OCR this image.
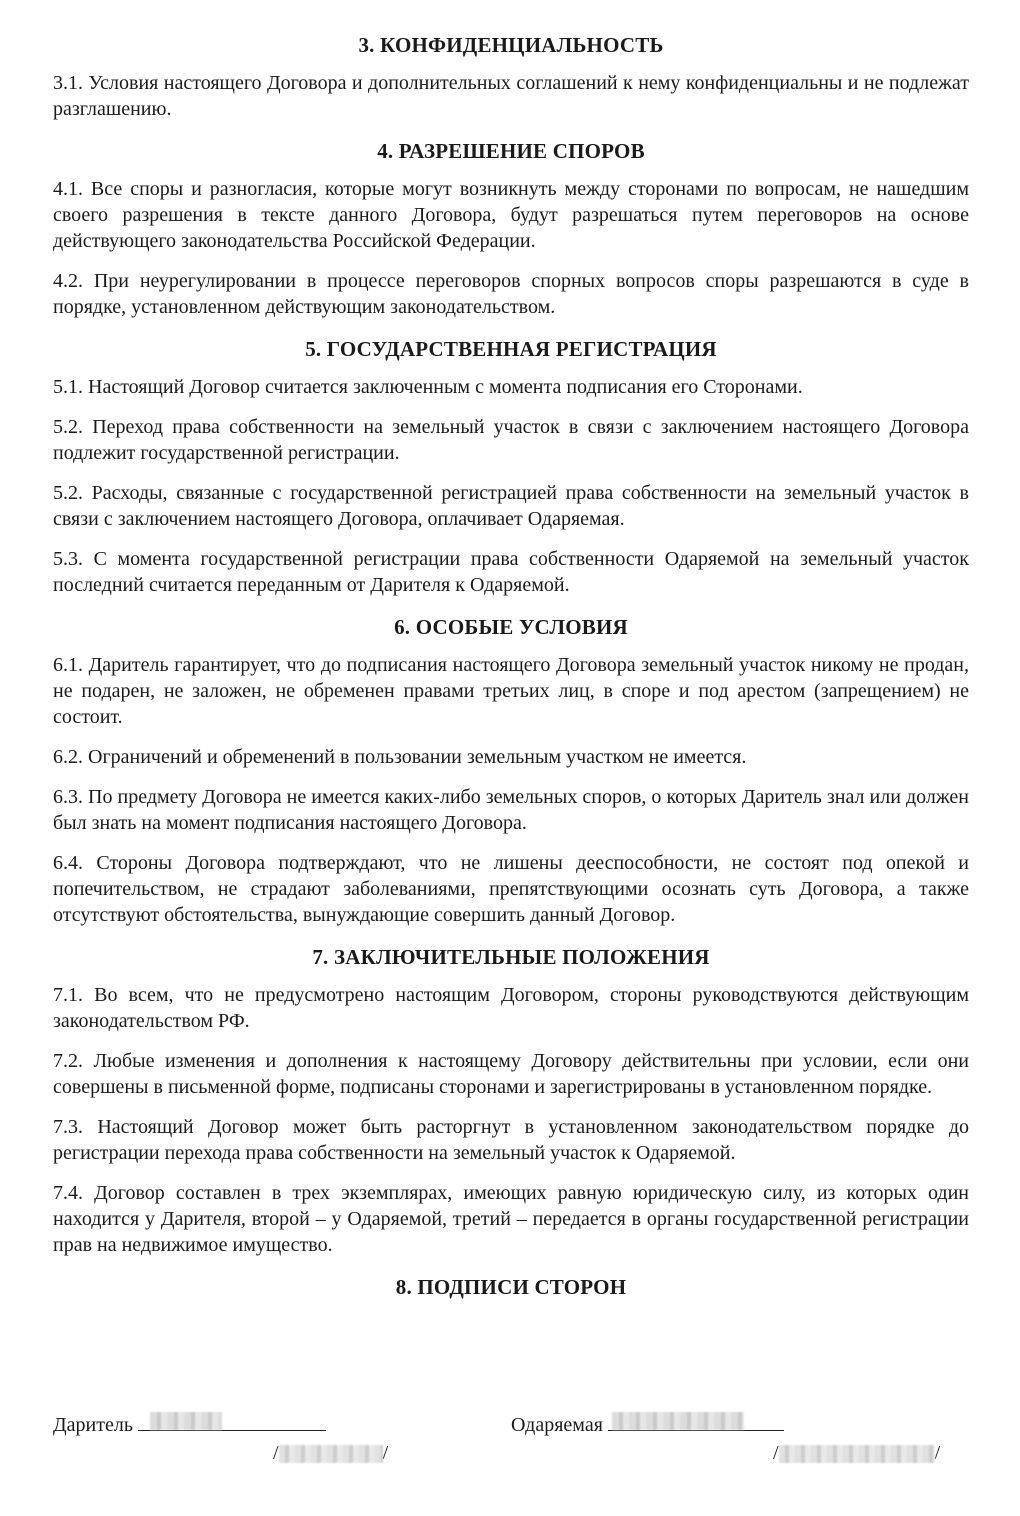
3. КОНФИДЕНЦИАЛЬНОСТЬ

3.1. Условия настоящего Договора и дополнительных соглашений к нему конфиденциальны и не подлежат разглашению.

4. РАЗРЕШЕНИЕ СПОРОВ

4.1. Все споры и разногласия, которые могут возникнуть между сторонами по вопросам, не нашедшим своего разрешения в тексте данного Договора, будут разрешаться путем переговоров на основе действующего законодательства Российской Федерации.

4.2. При неурегулировании в процессе переговоров спорных вопросов споры разрешаются в суде в порядке, установленном действующим законодательством.

5. ГОСУДАРСТВЕННАЯ РЕГИСТРАЦИЯ

5.1. Настоящий Договор считается заключенным с момента подписания его Сторонами.

5.2. Переход права собственности на земельный участок в связи с заключением настоящего Договора подлежит государственной регистрации.

5.2. Расходы, связанные с государственной регистрацией права собственности на земельный участок в связи с заключением настоящего Договора, оплачивает Одаряемая.

5.3. С момента государственной регистрации права собственности Одаряемой на земельный участок последний считается переданным от Дарителя к Одаряемой.

6. ОСОБЫЕ УСЛОВИЯ

6.1. Даритель гарантирует, что до подписания настоящего Договора земельный участок никому не продан, не подарен, не заложен, не обременен правами третьих лиц, в споре и под арестом (запрещением) не состоит.

6.2. Ограничений и обременений в пользовании земельным участком не имеется.

6.3. По предмету Договора не имеется каких-либо земельных споров, о которых Даритель знал или должен был знать на момент подписания настоящего Договора.

6.4. Стороны Договора подтверждают, что не лишены дееспособности, не состоят под опекой и попечительством, не страдают заболеваниями, препятствующими осознать суть Договора, а также отсутствуют обстоятельства, вынуждающие совершить данный Договор.

7. ЗАКЛЮЧИТЕЛЬНЫЕ ПОЛОЖЕНИЯ

7.1. Во всем, что не предусмотрено настоящим Договором, стороны руководствуются действующим законодательством РФ.

7.2. Любые изменения и дополнения к настоящему Договору действительны при условии, если они совершены в письменной форме, подписаны сторонами и зарегистрированы в установленном порядке.

7.3. Настоящий Договор может быть расторгнут в установленном законодательством порядке до регистрации перехода права собственности на земельный участок к Одаряемой.

7.4. Договор составлен в трех экземплярах, имеющих равную юридическую силу, из которых один находится у Дарителя, второй – у Одаряемой, третий – передается в органы государственной регистрации прав на недвижимое имущество.

8. ПОДПИСИ СТОРОН
Даритель
/	/
Одаряемая
/	/
